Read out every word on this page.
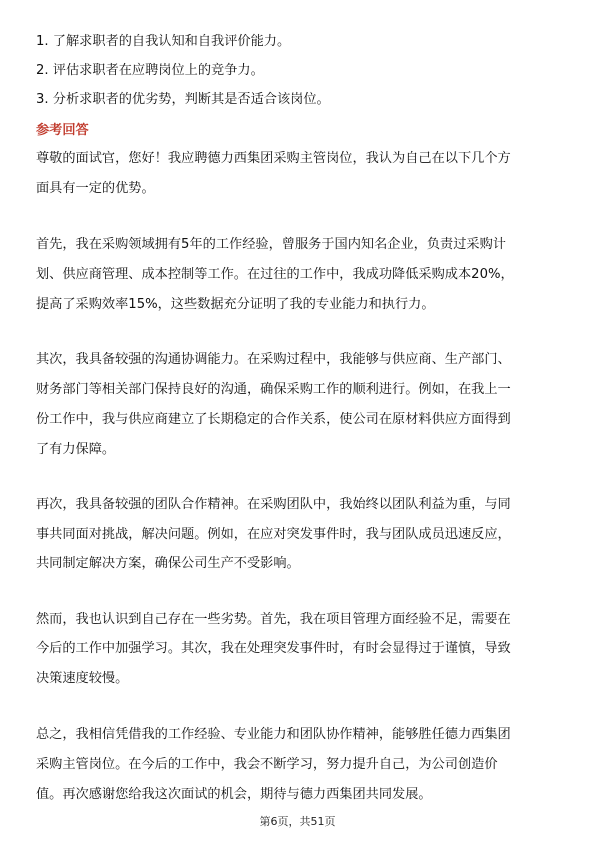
1. 了解求职者的自我认知和自我评价能力。
2. 评估求职者在应聘岗位上的竞争力。
3. 分析求职者的优劣势，判断其是否适合该岗位。
参考回答
尊敬的面试官，您好！我应聘德力西集团采购主管岗位，我认为自己在以下几个方
面具有一定的优势。
首先，我在采购领域拥有5年的工作经验，曾服务于国内知名企业，负责过采购计
划、供应商管理、成本控制等工作。在过往的工作中，我成功降低采购成本20%，
提高了采购效率15%，这些数据充分证明了我的专业能力和执行力。
其次，我具备较强的沟通协调能力。在采购过程中，我能够与供应商、生产部门、
财务部门等相关部门保持良好的沟通，确保采购工作的顺利进行。例如，在我上一
份工作中，我与供应商建立了长期稳定的合作关系，使公司在原材料供应方面得到
了有力保障。
再次，我具备较强的团队合作精神。在采购团队中，我始终以团队利益为重，与同
事共同面对挑战，解决问题。例如，在应对突发事件时，我与团队成员迅速反应，
共同制定解决方案，确保公司生产不受影响。
然而，我也认识到自己存在一些劣势。首先，我在项目管理方面经验不足，需要在
今后的工作中加强学习。其次，我在处理突发事件时，有时会显得过于谨慎，导致
决策速度较慢。
总之，我相信凭借我的工作经验、专业能力和团队协作精神，能够胜任德力西集团
采购主管岗位。在今后的工作中，我会不断学习，努力提升自己，为公司创造价
值。再次感谢您给我这次面试的机会，期待与德力西集团共同发展。
第6页，共51页
